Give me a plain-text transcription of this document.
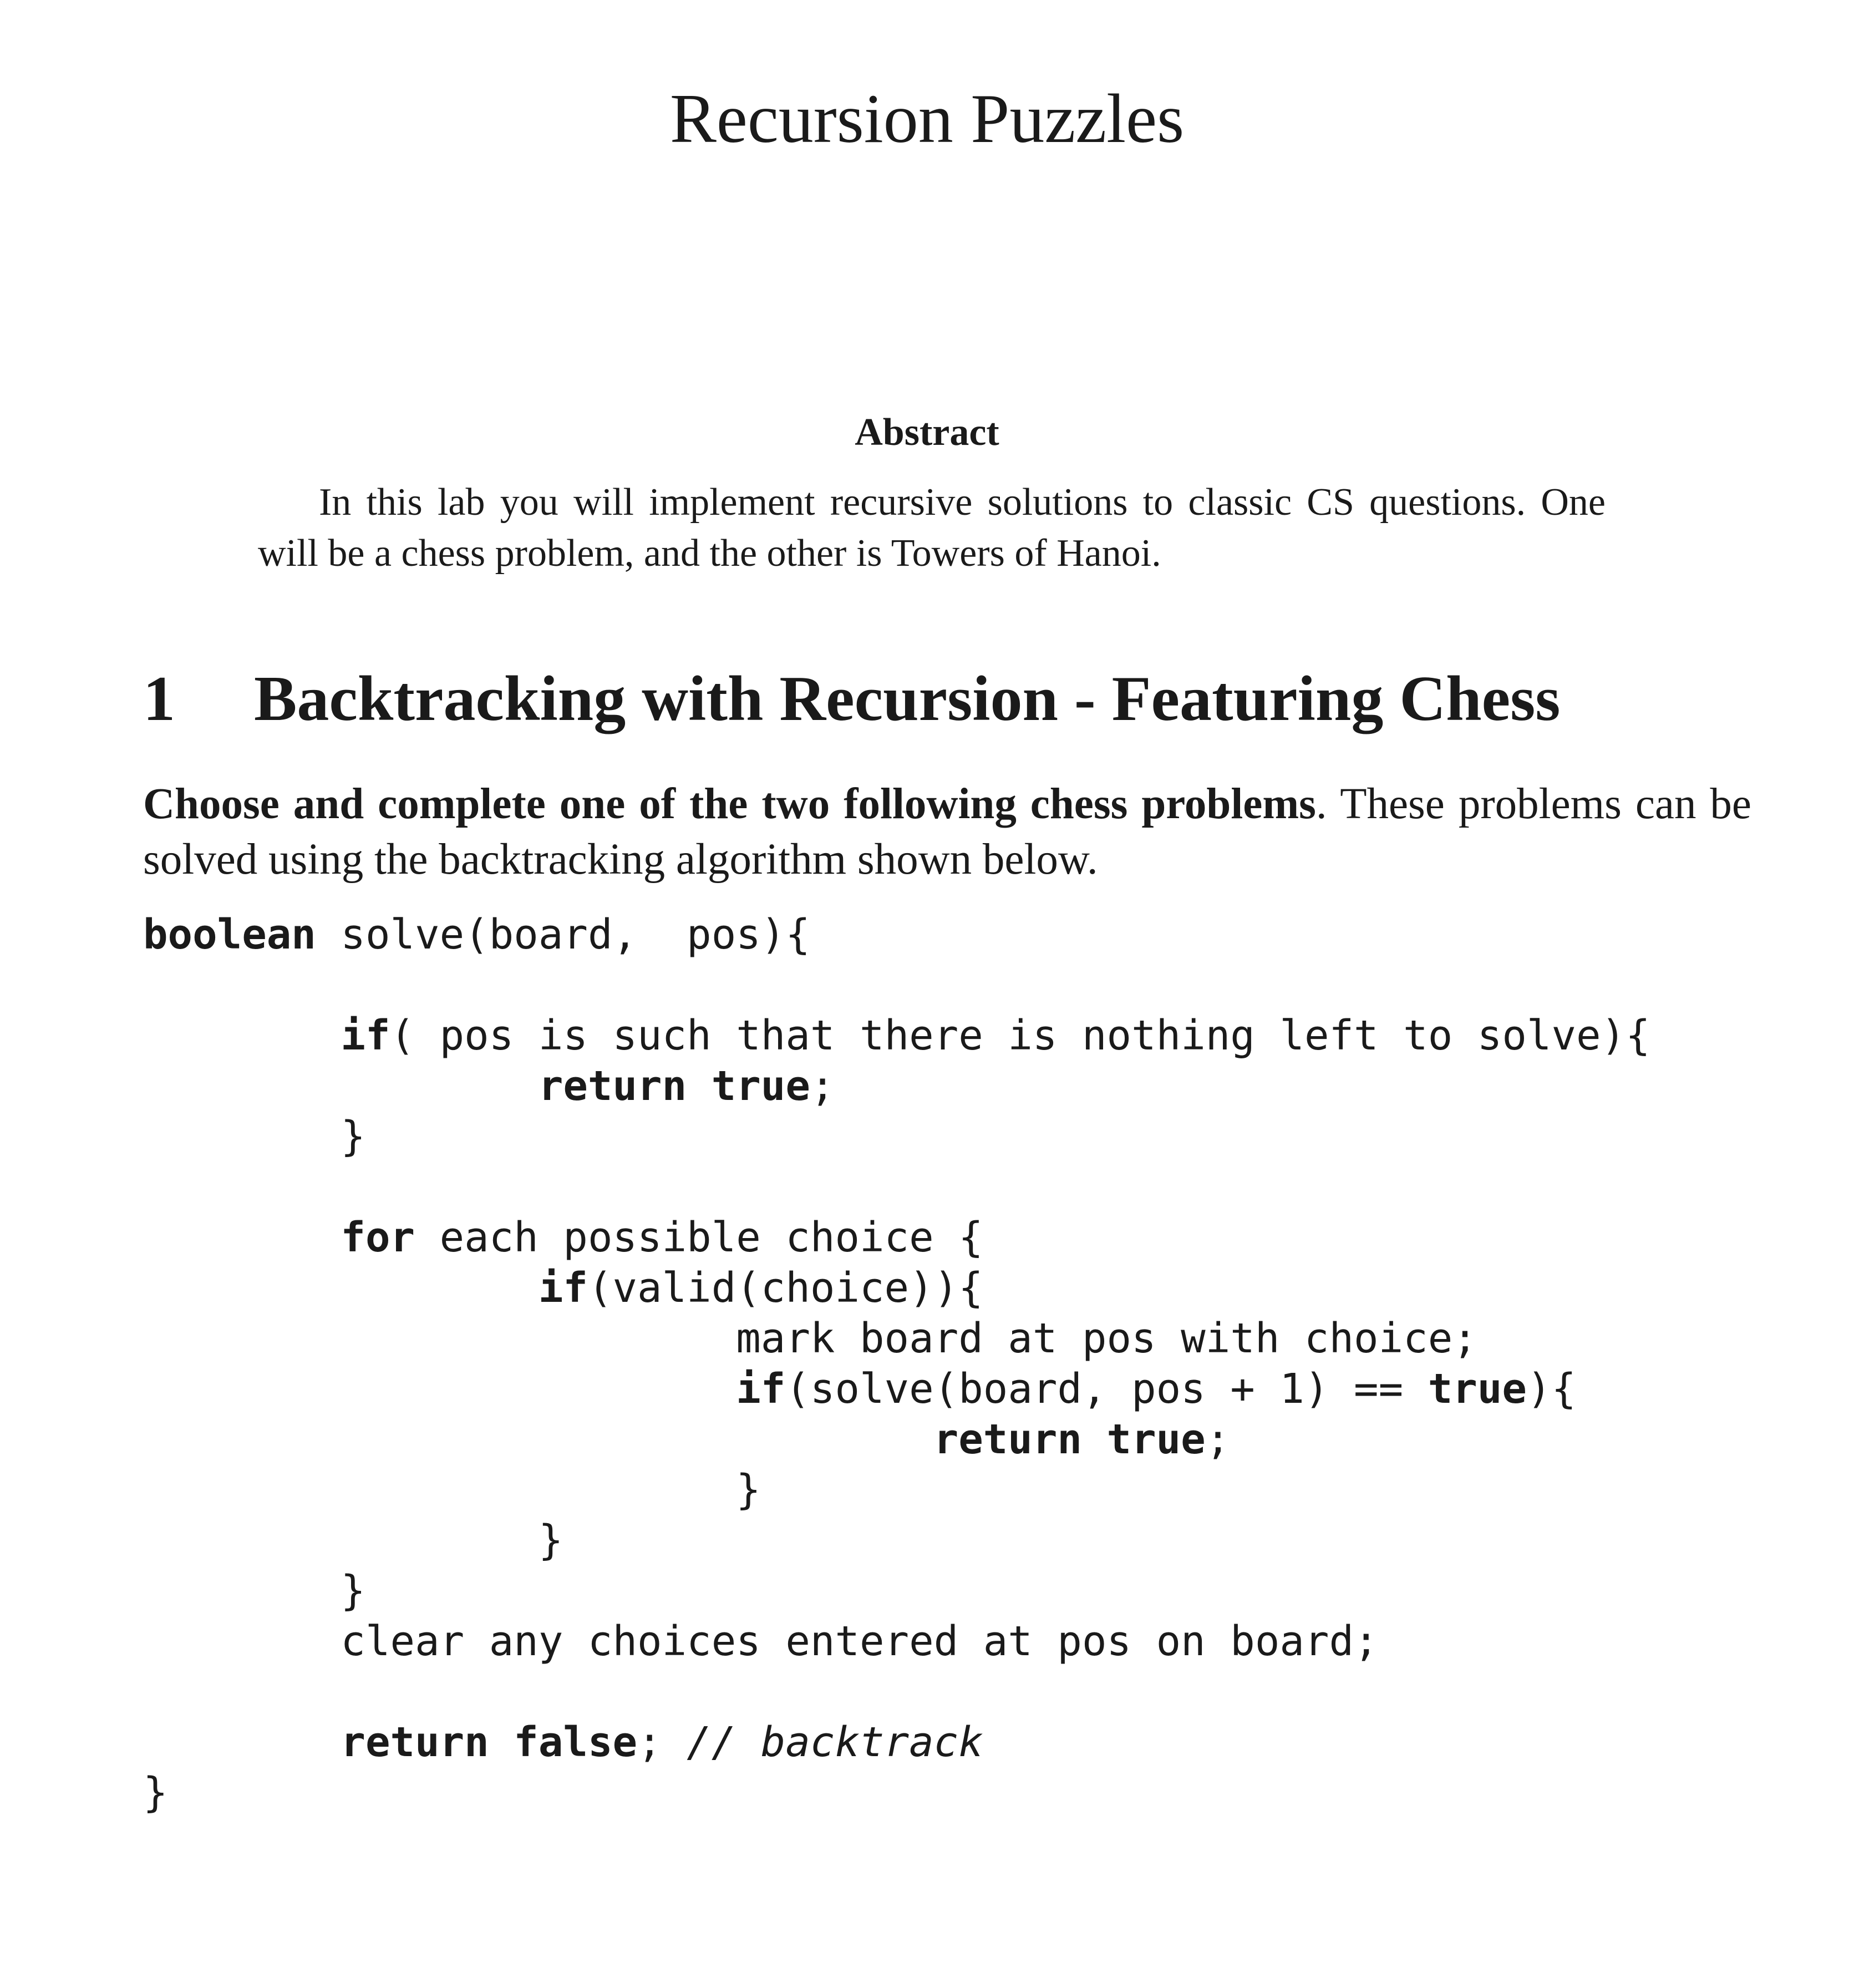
Recursion Puzzles
Abstract

In this lab you will implement recursive solutions to classic CS questions. One will be a chess problem, and the other is Towers of Hanoi.

1 Backtracking with Recursion - Featuring Chess

Choose and complete one of the two following chess problems. These problems can be solved using the backtracking algorithm shown below.

boolean solve(board,  pos){
if( pos is such that there is nothing left to solve){
return true;
}
for each possible choice {
if(valid(choice)){
mark board at pos with choice;
if(solve(board, pos + 1) == true){
return true;
}
}
}
clear any choices entered at pos on board;
return false; // backtrack
}
